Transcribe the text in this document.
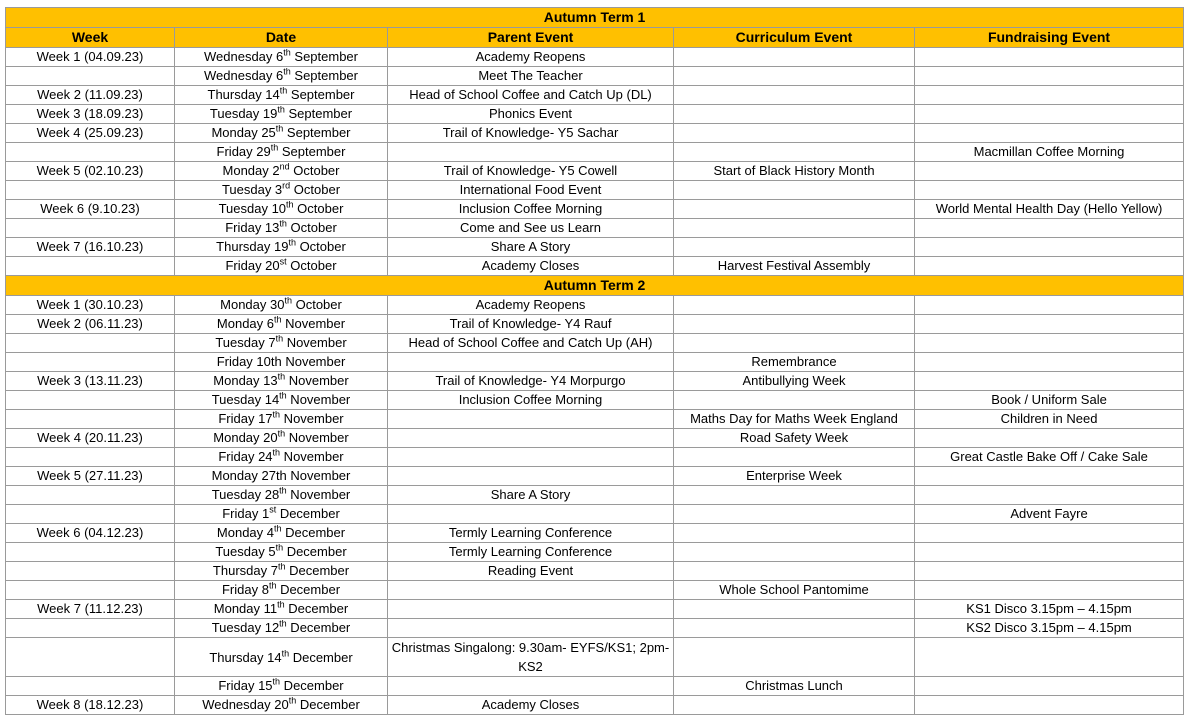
Autumn Term 1				
Week	Date	Parent Event	Curriculum Event	Fundraising Event
Week 1 (04.09.23)	Wednesday 6th September	Academy Reopens		
	Wednesday 6th September	Meet The Teacher		
Week 2 (11.09.23)	Thursday 14th September	Head of School Coffee and Catch Up (DL)		
Week 3 (18.09.23)	Tuesday 19th September	Phonics Event		
Week 4 (25.09.23)	Monday 25th September	Trail of Knowledge- Y5 Sachar		
	Friday 29th September			Macmillan Coffee Morning
Week 5 (02.10.23)	Monday 2nd October	Trail of Knowledge- Y5 Cowell	Start of Black History Month	
	Tuesday 3rd October	International Food Event		
Week 6 (9.10.23)	Tuesday 10th October	Inclusion Coffee Morning		World Mental Health Day (Hello Yellow)
	Friday 13th October	Come and See us Learn		
Week 7 (16.10.23)	Thursday 19th October	Share A Story		
	Friday 20st October	Academy Closes	Harvest Festival Assembly	
Autumn Term 2				
Week 1 (30.10.23)	Monday 30th October	Academy Reopens		
Week 2 (06.11.23)	Monday 6th November	Trail of Knowledge- Y4 Rauf		
	Tuesday 7th November	Head of School Coffee and Catch Up (AH)		
	Friday 10th November		Remembrance	
Week 3 (13.11.23)	Monday 13th November	Trail of Knowledge- Y4 Morpurgo	Antibullying Week	
	Tuesday 14th November	Inclusion Coffee Morning		Book / Uniform Sale
	Friday 17th November		Maths Day for Maths Week England	Children in Need
Week 4 (20.11.23)	Monday 20th November		Road Safety Week	
	Friday 24th November			Great Castle Bake Off / Cake Sale
Week 5 (27.11.23)	Monday 27th November		Enterprise Week	
	Tuesday 28th November	Share A Story		
	Friday 1st December			Advent Fayre
Week 6 (04.12.23)	Monday 4th December	Termly Learning Conference		
	Tuesday 5th December	Termly Learning Conference		
	Thursday 7th December	Reading Event		
	Friday 8th December		Whole School Pantomime	
Week 7 (11.12.23)	Monday 11th December			KS1 Disco 3.15pm – 4.15pm
	Tuesday 12th December			KS2 Disco 3.15pm – 4.15pm
	Thursday 14th December	Christmas Singalong: 9.30am- EYFS/KS1; 2pm- KS2		
	Friday 15th December		Christmas Lunch	
Week 8 (18.12.23)	Wednesday 20th December	Academy Closes		
